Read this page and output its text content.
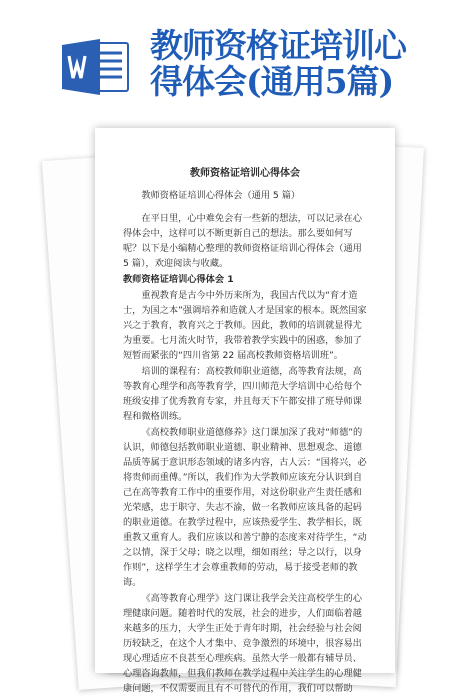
教师资格证培训心
得体会(通用5篇)
教师资格证培训心得体会

教师资格证培训心得体会（通用 5 篇）

在平日里，心中难免会有一些新的想法，可以记录在心得体会中，这样可以不断更新自己的想法。那么要如何写呢？以下是小编精心整理的教师资格证培训心得体会（通用 5 篇），欢迎阅读与收藏。

教师资格证培训心得体会 1

重视教育是古今中外历来所为，我国古代以为“育才造士，为国之本”强调培养和造就人才是国家的根本。既然国家兴之于教育，教育兴之于教师。因此，教师的培训就显得尤为重要。七月流火时节，我带着教学实践中的困惑，参加了短暂而紧张的“四川省第 22 届高校教师资格培训班”。

培训的课程有：高校教师职业道德，高等教育法规，高等教育心理学和高等教育学，四川师范大学培训中心给每个班级安排了优秀教育专家，并且每天下午都安排了班导师课程和微格训练。

《高校教师职业道德修养》这门课加深了我对“师德”的认识，师德包括教师职业道德、职业精神、思想观念、道德品质等属于意识形态领域的诸多内容，古人云：“国将兴，必将贵师而重傅。”所以，我们作为大学教师应该充分认识到自己在高等教育工作中的重要作用，对这份职业产生责任感和光荣感，忠于职守、失志不渝，做一名教师应该具备的起码的职业道德。在教学过程中，应该热爱学生、教学相长，既重教又重育人。我们应该以和善宁静的态度来对待学生，“动之以情，深于父母；晓之以理，细如雨丝；导之以行，以身作则”，这样学生才会尊重教师的劳动，易于接受老师的教诲。

《高等教育心理学》这门课让我学会关注高校学生的心理健康问题。随着时代的发展，社会的进步，人们面临着越来越多的压力，大学生正处于青年时期，社会经验与社会阅历较缺乏，在这个人才集中、竞争激烈的环境中，很容易出现心理适应不良甚至心理疾病。虽然大学一般都有辅导员、心理咨询教师，但我们教师在教学过程中关注学生的心理健康问题，不仅需要而且有不可替代的作用，我们可以帮助
